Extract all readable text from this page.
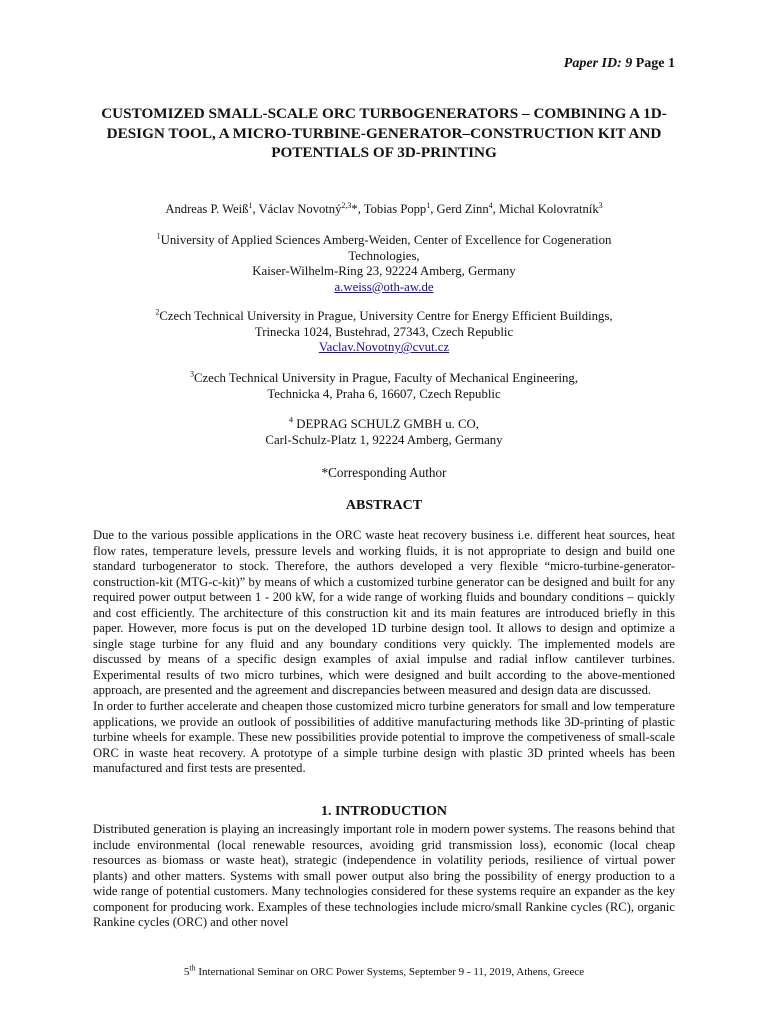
Paper ID: 9 Page 1
CUSTOMIZED SMALL-SCALE ORC TURBOGENERATORS – COMBINING A 1D-DESIGN TOOL, A MICRO-TURBINE-GENERATOR–CONSTRUCTION KIT AND POTENTIALS OF 3D-PRINTING
Andreas P. Weiß$^1$, Václav Novotný$^{2,3}$*, Tobias Popp$^1$, Gerd Zinn$^4$, Michal Kolovratník$^3$
$^1$University of Applied Sciences Amberg-Weiden, Center of Excellence for Cogeneration
Technologies,
Kaiser-Wilhelm-Ring 23, 92224 Amberg, Germany
a.weiss@oth-aw.de
$^2$Czech Technical University in Prague, University Centre for Energy Efficient Buildings,
Trinecka 1024, Bustehrad, 27343, Czech Republic
Vaclav.Novotny@cvut.cz
$^3$Czech Technical University in Prague, Faculty of Mechanical Engineering,
Technicka 4, Praha 6, 16607, Czech Republic
$^4$ DEPRAG SCHULZ GMBH u. CO,
Carl-Schulz-Platz 1, 92224 Amberg, Germany
*Corresponding Author
ABSTRACT

Due to the various possible applications in the ORC waste heat recovery business i.e. different heat sources, heat flow rates, temperature levels, pressure levels and working fluids, it is not appropriate to design and build one standard turbogenerator to stock. Therefore, the authors developed a very flexible “micro-turbine-generator-construction-kit (MTG-c-kit)” by means of which a customized turbine generator can be designed and built for any required power output between 1 - 200 kW, for a wide range of working fluids and boundary conditions – quickly and cost efficiently. The architecture of this construction kit and its main features are introduced briefly in this paper. However, more focus is put on the developed 1D turbine design tool. It allows to design and optimize a single stage turbine for any fluid and any boundary conditions very quickly. The implemented models are discussed by means of a specific design examples of axial impulse and radial inflow cantilever turbines. Experimental results of two micro turbines, which were designed and built according to the above-mentioned approach, are presented and the agreement and discrepancies between measured and design data are discussed.

In order to further accelerate and cheapen those customized micro turbine generators for small and low temperature applications, we provide an outlook of possibilities of additive manufacturing methods like 3D-printing of plastic turbine wheels for example. These new possibilities provide potential to improve the competiveness of small-scale ORC in waste heat recovery. A prototype of a simple turbine design with plastic 3D printed wheels has been manufactured and first tests are presented.

1. INTRODUCTION

Distributed generation is playing an increasingly important role in modern power systems. The reasons behind that include environmental (local renewable resources, avoiding grid transmission loss), economic (local cheap resources as biomass or waste heat), strategic (independence in volatility periods, resilience of virtual power plants) and other matters. Systems with small power output also bring the possibility of energy production to a wide range of potential customers. Many technologies considered for these systems require an expander as the key component for producing work. Examples of these technologies include micro/small Rankine cycles (RC), organic Rankine cycles (ORC) and other novel

5th International Seminar on ORC Power Systems, September 9 - 11, 2019, Athens, Greece
